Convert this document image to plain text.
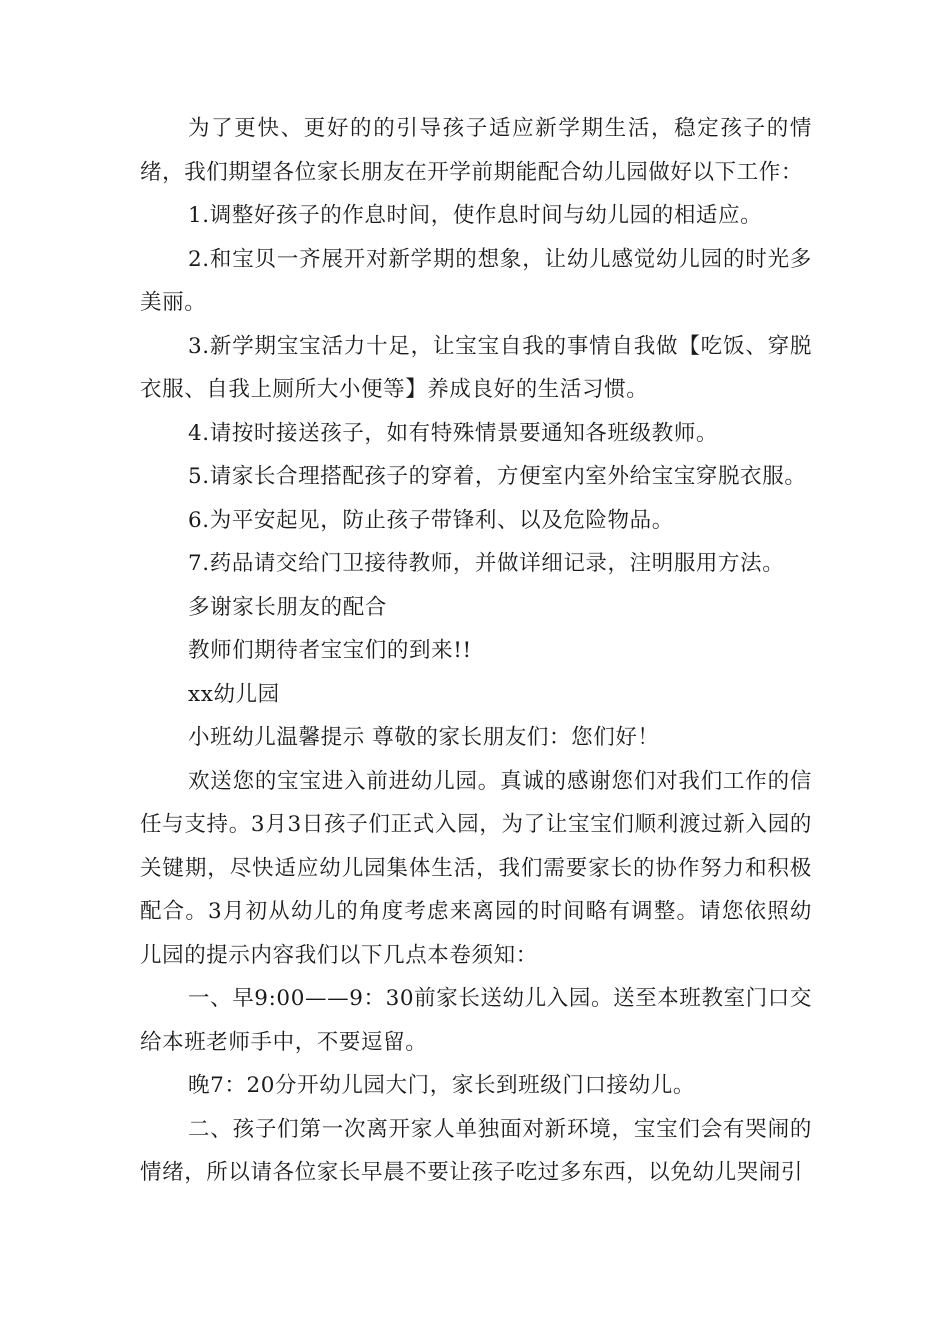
为了更快、更好的的引导孩子适应新学期生活，稳定孩子的情绪，我们期望各位家长朋友在开学前期能配合幼儿园做好以下工作：

1.调整好孩子的作息时间，使作息时间与幼儿园的相适应。

2.和宝贝一齐展开对新学期的想象，让幼儿感觉幼儿园的时光多美丽。

3.新学期宝宝活力十足，让宝宝自我的事情自我做【吃饭、穿脱衣服、自我上厕所大小便等】养成良好的生活习惯。

4.请按时接送孩子，如有特殊情景要通知各班级教师。

5.请家长合理搭配孩子的穿着，方便室内室外给宝宝穿脱衣服。

6.为平安起见，防止孩子带锋利、以及危险物品。

7.药品请交给门卫接待教师，并做详细记录，注明服用方法。

多谢家长朋友的配合

教师们期待者宝宝们的到来!!

xx幼儿园

小班幼儿温馨提示 尊敬的家长朋友们：您们好！

欢送您的宝宝进入前进幼儿园。真诚的感谢您们对我们工作的信任与支持。3月3日孩子们正式入园，为了让宝宝们顺利渡过新入园的关键期，尽快适应幼儿园集体生活，我们需要家长的协作努力和积极配合。3月初从幼儿的角度考虑来离园的时间略有调整。请您依照幼儿园的提示内容我们以下几点本卷须知：

一、早9:00——9：30前家长送幼儿入园。送至本班教室门口交给本班老师手中，不要逗留。

晚7：20分开幼儿园大门，家长到班级门口接幼儿。

二、孩子们第一次离开家人单独面对新环境，宝宝们会有哭闹的情绪，所以请各位家长早晨不要让孩子吃过多东西，以免幼儿哭闹引
